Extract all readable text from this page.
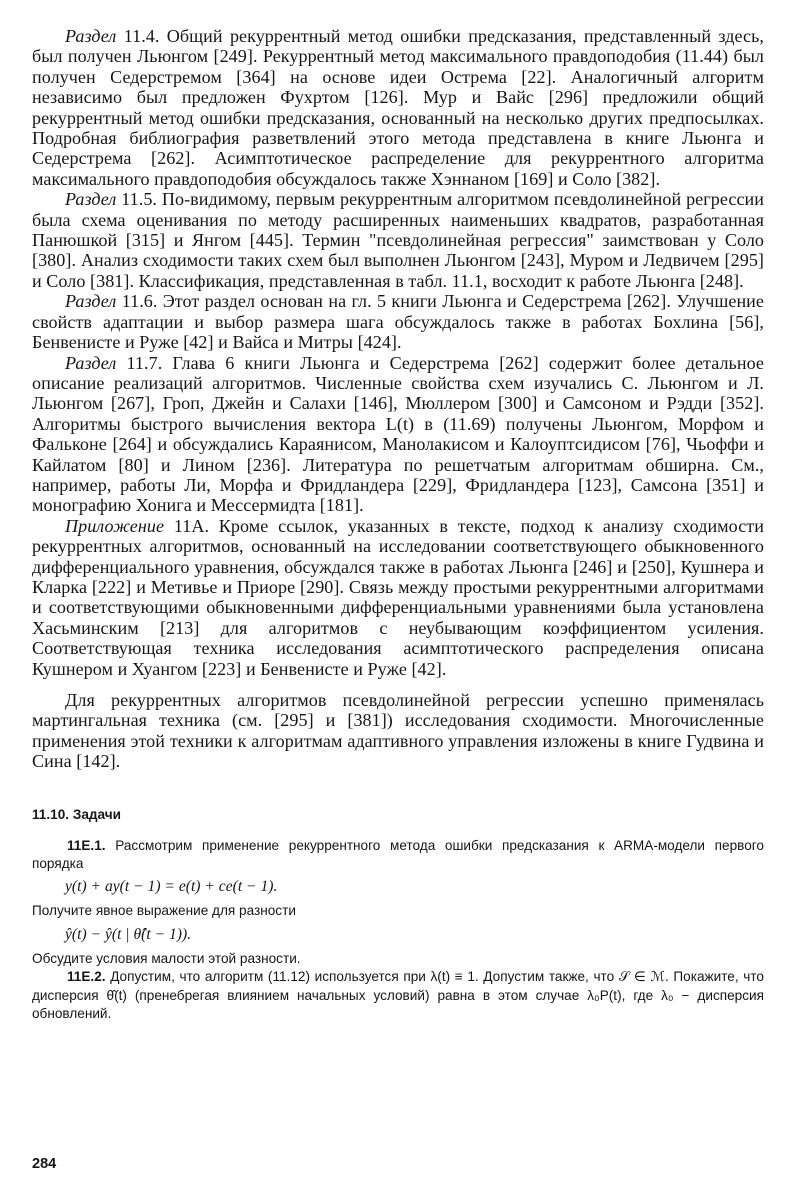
Раздел 11.4. Общий рекуррентный метод ошибки предсказания, представленный здесь, был получен Льюнгом [249]. Рекуррентный метод максимального правдоподобия (11.44) был получен Седерстремом [364] на основе идеи Острема [22]. Аналогичный алгоритм независимо был предложен Фухртом [126]. Мур и Вайс [296] предложили общий рекуррентный метод ошибки предсказания, основанный на несколько других предпосылках. Подробная библиография разветвлений этого метода представлена в книге Льюнга и Седерстрема [262]. Асимптотическое распределение для рекуррентного алгоритма максимального правдоподобия обсуждалось также Хэннаном [169] и Соло [382].

Раздел 11.5. По-видимому, первым рекуррентным алгоритмом псевдолинейной регрессии была схема оценивания по методу расширенных наименьших квадратов, разработанная Панюшкой [315] и Янгом [445]. Термин "псевдолинейная регрессия" заимствован у Соло [380]. Анализ сходимости таких схем был выполнен Льюнгом [243], Муром и Ледвичем [295] и Соло [381]. Классификация, представленная в табл. 11.1, восходит к работе Льюнга [248].

Раздел 11.6. Этот раздел основан на гл. 5 книги Льюнга и Седерстрема [262]. Улучшение свойств адаптации и выбор размера шага обсуждалось также в работах Бохлина [56], Бенвенисте и Руже [42] и Вайса и Митры [424].

Раздел 11.7. Глава 6 книги Льюнга и Седерстрема [262] содержит более детальное описание реализаций алгоритмов. Численные свойства схем изучались С. Льюнгом и Л. Льюнгом [267], Гроп, Джейн и Салахи [146], Мюллером [300] и Самсоном и Рэдди [352]. Алгоритмы быстрого вычисления вектора L(t) в (11.69) получены Льюнгом, Морфом и Фальконе [264] и обсуждались Караянисом, Манолакисом и Калоуптсидисом [76], Чьоффи и Кайлатом [80] и Лином [236]. Литература по решетчатым алгоритмам обширна. См., например, работы Ли, Морфа и Фридландера [229], Фридландера [123], Самсона [351] и монографию Хонига и Мессермидта [181].

Приложение 11А. Кроме ссылок, указанных в тексте, подход к анализу сходимости рекуррентных алгоритмов, основанный на исследовании соответствующего обыкновенного дифференциального уравнения, обсуждался также в работах Льюнга [246] и [250], Кушнера и Кларка [222] и Метивье и Приоре [290]. Связь между простыми рекуррентными алгоритмами и соответствующими обыкновенными дифференциальными уравнениями была установлена Хасьминским [213] для алгоритмов с неубывающим коэффициентом усиления. Соответствующая техника исследования асимптотического распределения описана Кушнером и Хуангом [223] и Бенвенисте и Руже [42].

Для рекуррентных алгоритмов псевдолинейной регрессии успешно применялась мартингальная техника (см. [295] и [381]) исследования сходимости. Многочисленные применения этой техники к алгоритмам адаптивного управления изложены в книге Гудвина и Сина [142].

11.10. Задачи

11E.1. Рассмотрим применение рекуррентного метода ошибки предсказания к ARMA-модели первого порядка

y(t) + ay(t − 1) = e(t) + ce(t − 1).

Получите явное выражение для разности

ŷ(t) − ŷ(t | θ̂(t − 1)).

Обсудите условия малости этой разности.

11E.2. Допустим, что алгоритм (11.12) используется при λ(t) ≡ 1. Допустим также, что 𝒮 ∈ ℳ. Покажите, что дисперсия θ̂(t) (пренебрегая влиянием начальных условий) равна в этом случае λ₀P(t), где λ₀ − дисперсия обновлений.

284
